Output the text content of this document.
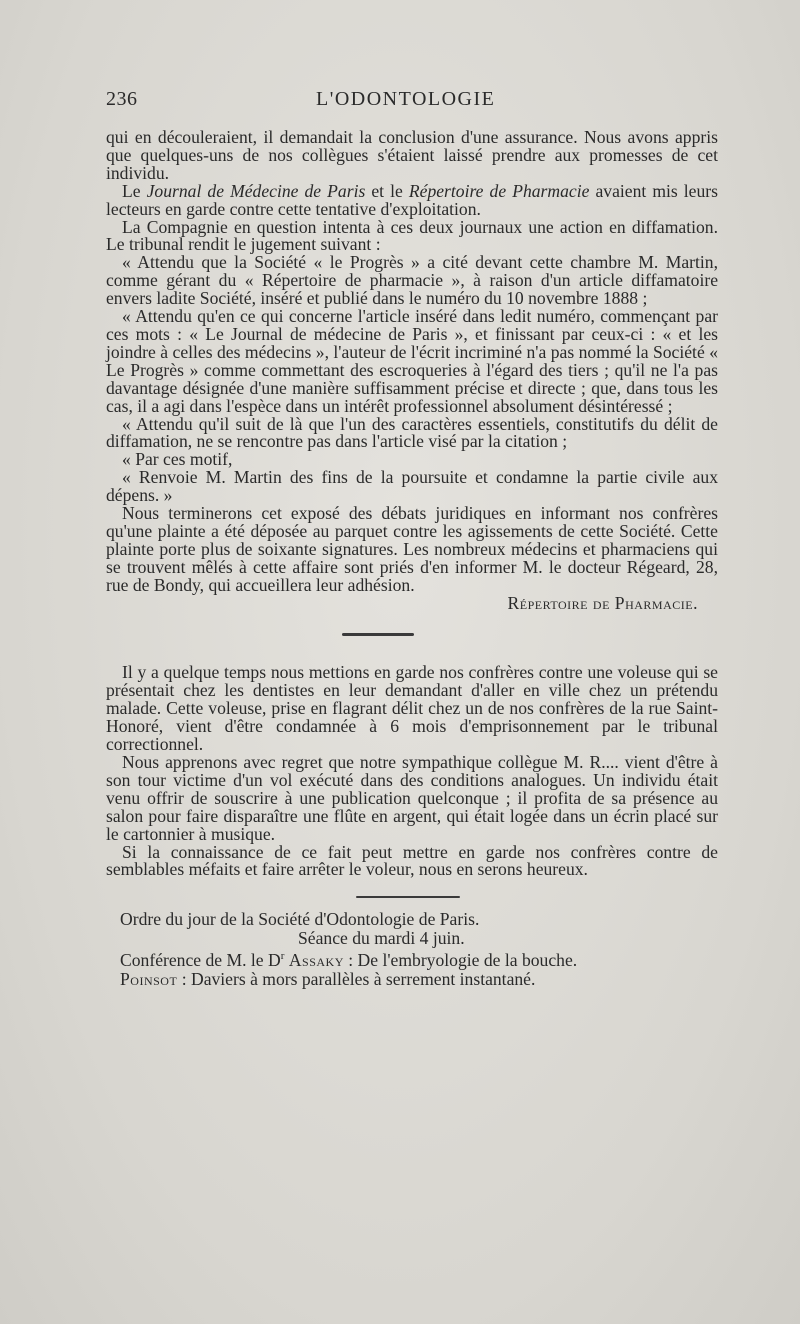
236	L'ODONTOLOGIE

qui en découleraient, il demandait la conclusion d'une assurance. Nous avons appris que quelques-uns de nos collègues s'étaient laissé prendre aux promesses de cet individu.

Le Journal de Médecine de Paris et le Répertoire de Pharmacie avaient mis leurs lecteurs en garde contre cette tentative d'exploitation.

La Compagnie en question intenta à ces deux journaux une action en diffamation. Le tribunal rendit le jugement suivant :

« Attendu que la Société « le Progrès » a cité devant cette chambre M. Martin, comme gérant du « Répertoire de pharmacie », à raison d'un article diffamatoire envers ladite Société, inséré et publié dans le numéro du 10 novembre 1888 ;

« Attendu qu'en ce qui concerne l'article inséré dans ledit numéro, commençant par ces mots : « Le Journal de médecine de Paris », et finissant par ceux-ci : « et les joindre à celles des médecins », l'auteur de l'écrit incriminé n'a pas nommé la Société « Le Progrès » comme commettant des escroqueries à l'égard des tiers ; qu'il ne l'a pas davantage désignée d'une manière suffisamment précise et directe ; que, dans tous les cas, il a agi dans l'espèce dans un intérêt professionnel absolument désintéressé ;

« Attendu qu'il suit de là que l'un des caractères essentiels, constitutifs du délit de diffamation, ne se rencontre pas dans l'article visé par la citation ;

« Par ces motif,

« Renvoie M. Martin des fins de la poursuite et condamne la partie civile aux dépens. »

Nous terminerons cet exposé des débats juridiques en informant nos confrères qu'une plainte a été déposée au parquet contre les agissements de cette Société. Cette plainte porte plus de soixante signatures. Les nombreux médecins et pharmaciens qui se trouvent mêlés à cette affaire sont priés d'en informer M. le docteur Régeard, 28, rue de Bondy, qui accueillera leur adhésion.

Répertoire de Pharmacie.

Il y a quelque temps nous mettions en garde nos confrères contre une voleuse qui se présentait chez les dentistes en leur demandant d'aller en ville chez un prétendu malade. Cette voleuse, prise en flagrant délit chez un de nos confrères de la rue Saint-Honoré, vient d'être condamnée à 6 mois d'emprisonnement par le tribunal correctionnel.

Nous apprenons avec regret que notre sympathique collègue M. R.... vient d'être à son tour victime d'un vol exécuté dans des conditions analogues. Un individu était venu offrir de souscrire à une publication quelconque ; il profita de sa présence au salon pour faire disparaître une flûte en argent, qui était logée dans un écrin placé sur le cartonnier à musique.

Si la connaissance de ce fait peut mettre en garde nos confrères contre de semblables méfaits et faire arrêter le voleur, nous en serons heureux.

Ordre du jour de la Société d'Odontologie de Paris.

Séance du mardi 4 juin.

Conférence de M. le $D^r$ Assaky : De l'embryologie de la bouche.

Poinsot : Daviers à mors parallèles à serrement instantané.
